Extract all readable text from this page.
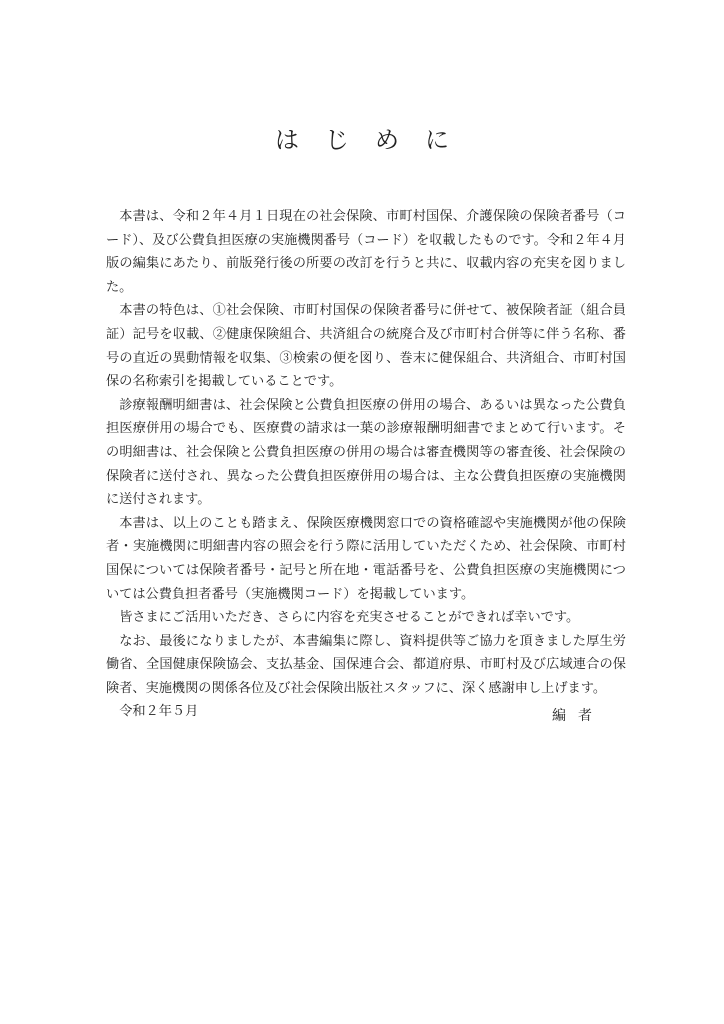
はじめに

本書は、令和２年４月１日現在の社会保険、市町村国保、介護保険の保険者番号（コード）、及び公費負担医療の実施機関番号（コード）を収載したものです。令和２年４月版の編集にあたり、前版発行後の所要の改訂を行うと共に、収載内容の充実を図りました。

本書の特色は、①社会保険、市町村国保の保険者番号に併せて、被保険者証（組合員証）記号を収載、②健康保険組合、共済組合の統廃合及び市町村合併等に伴う名称、番号の直近の異動情報を収集、③検索の便を図り、巻末に健保組合、共済組合、市町村国保の名称索引を掲載していることです。

診療報酬明細書は、社会保険と公費負担医療の併用の場合、あるいは異なった公費負担医療併用の場合でも、医療費の請求は一葉の診療報酬明細書でまとめて行います。その明細書は、社会保険と公費負担医療の併用の場合は審査機関等の審査後、社会保険の保険者に送付され、異なった公費負担医療併用の場合は、主な公費負担医療の実施機関に送付されます。

本書は、以上のことも踏まえ、保険医療機関窓口での資格確認や実施機関が他の保険者・実施機関に明細書内容の照会を行う際に活用していただくため、社会保険、市町村国保については保険者番号・記号と所在地・電話番号を、公費負担医療の実施機関については公費負担者番号（実施機関コード）を掲載しています。

皆さまにご活用いただき、さらに内容を充実させることができれば幸いです。

なお、最後になりましたが、本書編集に際し、資料提供等ご協力を頂きました厚生労働省、全国健康保険協会、支払基金、国保連合会、都道府県、市町村及び広域連合の保険者、実施機関の関係各位及び社会保険出版社スタッフに、深く感謝申し上げます。

令和２年５月	編者
